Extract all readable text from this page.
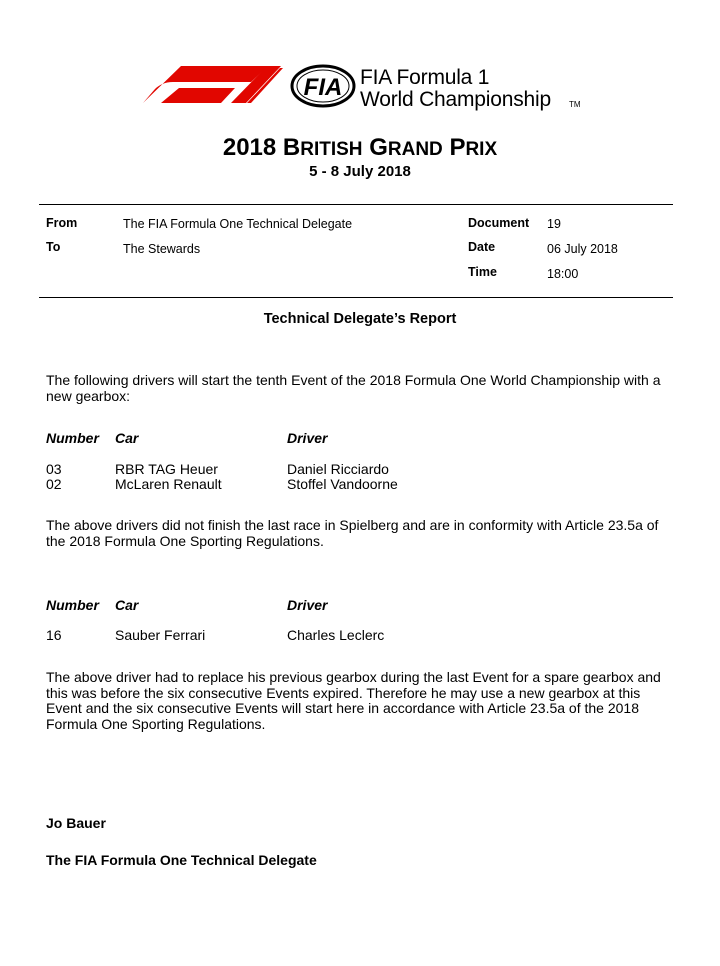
FIA FIA Formula 1
World Championship TM
2018 BRITISH GRAND PRIX
5 - 8 July 2018
From	The FIA Formula One Technical Delegate
To	The Stewards
Document 19
Date	06 July 2018
Time	18:00
Technical Delegate’s Report
The following drivers will start the tenth Event of the 2018 Formula One World Championship with a new gearbox:
Number Car	Driver
03	RBR TAG Heuer	Daniel Ricciardo
02	McLaren Renault	Stoffel Vandoorne
The above drivers did not finish the last race in Spielberg and are in conformity with Article 23.5a of the 2018 Formula One Sporting Regulations.
Number Car	Driver
16	Sauber Ferrari	Charles Leclerc
The above driver had to replace his previous gearbox during the last Event for a spare gearbox and this was before the six consecutive Events expired. Therefore he may use a new gearbox at this Event and the six consecutive Events will start here in accordance with Article 23.5a of the 2018 Formula One Sporting Regulations.
Jo Bauer
The FIA Formula One Technical Delegate
